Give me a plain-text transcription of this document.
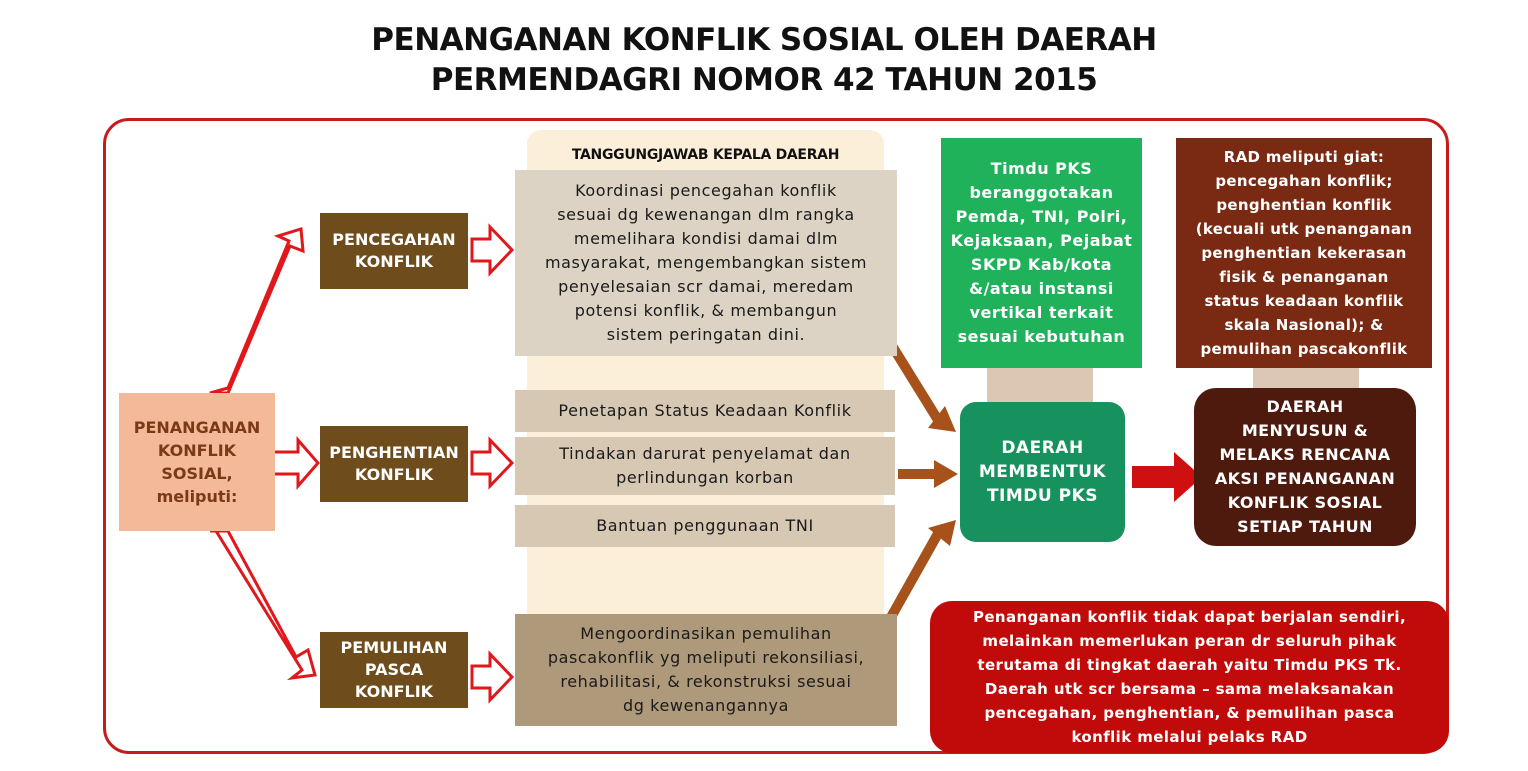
PENANGANAN KONFLIK SOSIAL OLEH DAERAH
PERMENDAGRI NOMOR 42 TAHUN 2015
PENANGANAN
KONFLIK
SOSIAL,
meliputi:
PENCEGAHAN
KONFLIK
PENGHENTIAN
KONFLIK
PEMULIHAN
PASCA
KONFLIK
TANGGUNGJAWAB KEPALA DAERAH
Koordinasi pencegahan konflik
sesuai dg kewenangan dlm rangka
memelihara kondisi damai dlm
masyarakat, mengembangkan sistem
penyelesaian scr damai, meredam
potensi konflik, & membangun
sistem peringatan dini.
Penetapan Status Keadaan Konflik
Tindakan darurat penyelamat dan
perlindungan korban
Bantuan penggunaan TNI
Mengoordinasikan pemulihan
pascakonflik yg meliputi rekonsiliasi,
rehabilitasi, & rekonstruksi sesuai
dg kewenangannya
Timdu PKS
beranggotakan
Pemda, TNI, Polri,
Kejaksaan, Pejabat
SKPD Kab/kota
&/atau instansi
vertikal terkait
sesuai kebutuhan
DAERAH
MEMBENTUK
TIMDU PKS
RAD meliputi giat:
pencegahan konflik;
penghentian konflik
(kecuali utk penanganan
penghentian kekerasan
fisik & penanganan
status keadaan konflik
skala Nasional); &
pemulihan pascakonflik
DAERAH
MENYUSUN &
MELAKS RENCANA
AKSI PENANGANAN
KONFLIK SOSIAL
SETIAP TAHUN
Penanganan konflik tidak dapat berjalan sendiri,
melainkan memerlukan peran dr seluruh pihak
terutama di tingkat daerah yaitu Timdu PKS Tk.
Daerah utk scr bersama – sama melaksanakan
pencegahan, penghentian, & pemulihan pasca
konflik melalui pelaks RAD
